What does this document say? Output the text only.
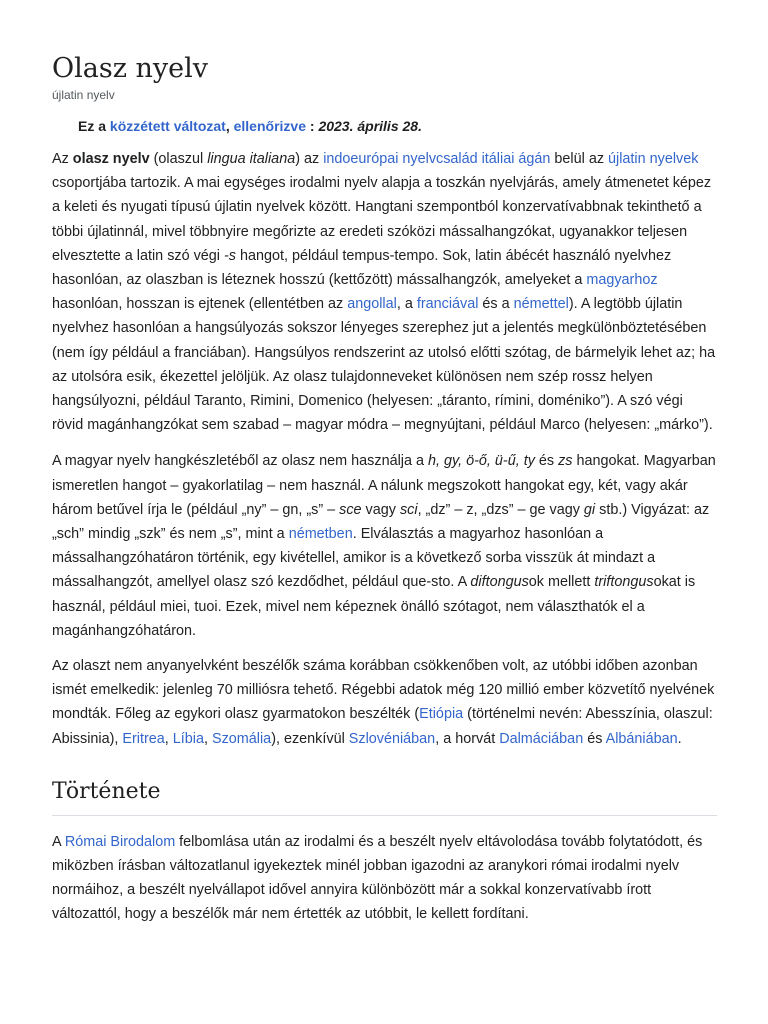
Olasz nyelv
újlatin nyelv
Ez a közzétett változat, ellenőrizve : 2023. április 28.

Az olasz nyelv (olaszul lingua italiana) az indoeurópai nyelvcsalád itáliai ágán belül az újlatin nyelvek csoportjába tartozik. A mai egységes irodalmi nyelv alapja a toszkán nyelvjárás, amely átmenetet képez a keleti és nyugati típusú újlatin nyelvek között. Hangtani szempontból konzervatívabbnak tekinthető a többi újlatinnál, mivel többnyire megőrizte az eredeti szóközi mássalhangzókat, ugyanakkor teljesen elvesztette a latin szó végi -s hangot, például tempus-tempo. Sok, latin ábécét használó nyelvhez hasonlóan, az olaszban is léteznek hosszú (kettőzött) mássalhangzók, amelyeket a magyarhoz hasonlóan, hosszan is ejtenek (ellentétben az angollal, a franciával és a némettel). A legtöbb újlatin nyelvhez hasonlóan a hangsúlyozás sokszor lényeges szerephez jut a jelentés megkülönböztetésében (nem így például a franciában). Hangsúlyos rendszerint az utolsó előtti szótag, de bármelyik lehet az; ha az utolsóra esik, ékezettel jelöljük. Az olasz tulajdonneveket különösen nem szép rossz helyen hangsúlyozni, például Taranto, Rimini, Domenico (helyesen: „táranto, rímini, doméniko”). A szó végi rövid magánhangzókat sem szabad – magyar módra – megnyújtani, például Marco (helyesen: „márko”).

A magyar nyelv hangkészletéből az olasz nem használja a h, gy, ö-ő, ü-ű, ty és zs hangokat. Magyarban ismeretlen hangot – gyakorlatilag – nem használ. A nálunk megszokott hangokat egy, két, vagy akár három betűvel írja le (például „ny” – gn, „s” – sce vagy sci, „dz” – z, „dzs” – ge vagy gi stb.) Vigyázat: az „sch” mindig „szk” és nem „s”, mint a németben. Elválasztás a magyarhoz hasonlóan a mássalhangzóhatáron történik, egy kivétellel, amikor is a következő sorba visszük át mindazt a mássalhangzót, amellyel olasz szó kezdődhet, például que-sto. A diftongusok mellett triftongusokat is használ, például miei, tuoi. Ezek, mivel nem képeznek önálló szótagot, nem választhatók el a magánhangzóhatáron.

Az olaszt nem anyanyelvként beszélők száma korábban csökkenőben volt, az utóbbi időben azonban ismét emelkedik: jelenleg 70 milliósra tehető. Régebbi adatok még 120 millió ember közvetítő nyelvének mondták. Főleg az egykori olasz gyarmatokon beszélték (Etiópia (történelmi nevén: Abesszínia, olaszul: Abissinia), Eritrea, Líbia, Szomália), ezenkívül Szlovéniában, a horvát Dalmáciában és Albániában.

Története

A Római Birodalom felbomlása után az irodalmi és a beszélt nyelv eltávolodása tovább folytatódott, és miközben írásban változatlanul igyekeztek minél jobban igazodni az aranykori római irodalmi nyelv normáihoz, a beszélt nyelvállapot idővel annyira különbözött már a sokkal konzervatívabb írott változattól, hogy a beszélők már nem értették az utóbbit, le kellett fordítani.
